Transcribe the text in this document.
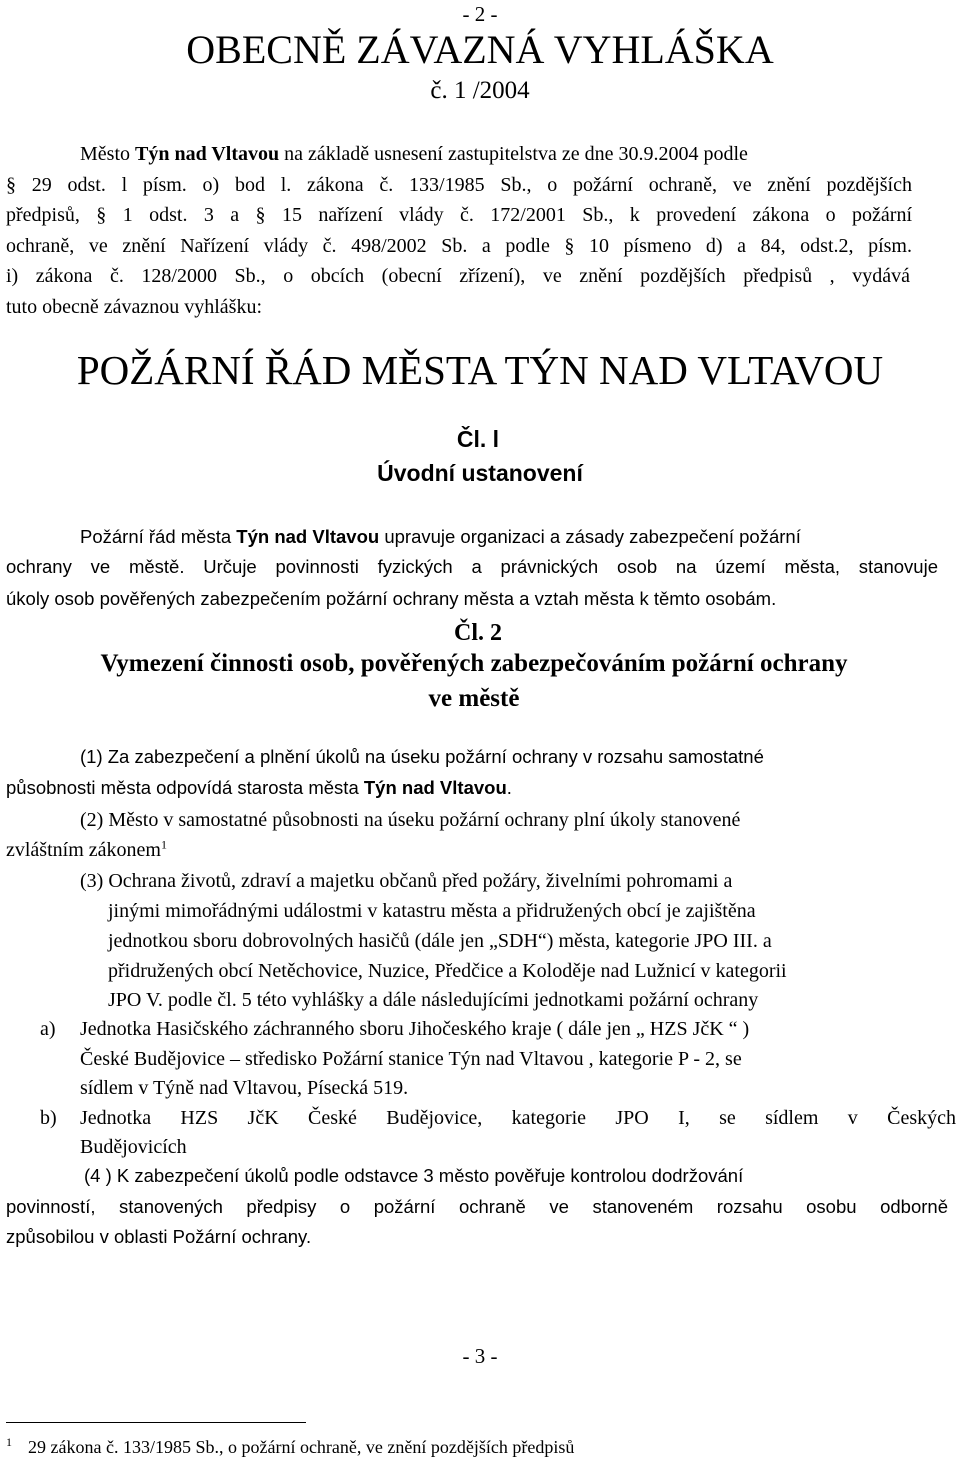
- 2 -
OBECNĚ ZÁVAZNÁ VYHLÁŠKA
č. 1 /2004
Město Týn nad Vltavou na základě usnesení zastupitelstva ze dne 30.9.2004 podle
§ 29 odst. l písm. o) bod l. zákona č. 133/1985 Sb., o požární ochraně, ve znění pozdějších
předpisů, § 1 odst. 3 a § 15 nařízení vlády č. 172/2001 Sb., k provedení zákona o požární
ochraně, ve znění Nařízení vlády č. 498/2002 Sb. a podle § 10 písmeno d) a 84, odst.2, písm.
i) zákona č. 128/2000 Sb., o obcích (obecní zřízení), ve znění pozdějších předpisů , vydává
tuto obecně závaznou vyhlášku:
POŽÁRNÍ ŘÁD MĚSTA TÝN NAD VLTAVOU
Čl. l
Úvodní ustanovení
Požární řád města Týn nad Vltavou upravuje organizaci a zásady zabezpečení požární
ochrany ve městě. Určuje povinnosti fyzických a právnických osob na území města, stanovuje
úkoly osob pověřených zabezpečením požární ochrany města a vztah města k těmto osobám.
Čl. 2
Vymezení činnosti osob, pověřených zabezpečováním požární ochrany
ve městě
(1) Za zabezpečení a plnění úkolů na úseku požární ochrany v rozsahu samostatné
působnosti města odpovídá starosta města Týn nad Vltavou.
(2) Město v samostatné působnosti na úseku požární ochrany plní úkoly stanovené
zvláštním zákonem$^1$
(3) Ochrana životů, zdraví a majetku občanů před požáry, živelními pohromami a
jinými mimořádnými událostmi v katastru města a přidružených obcí je zajištěna
jednotkou sboru dobrovolných hasičů (dále jen „SDH“) města, kategorie JPO III. a
přidružených obcí Netěchovice, Nuzice, Předčice a Koloděje nad Lužnicí v kategorii
JPO V. podle čl. 5 této vyhlášky a dále následujícími jednotkami požární ochrany
a) Jednotka Hasičského záchranného sboru Jihočeského kraje ( dále jen „ HZS JčK “ )
České Budějovice – středisko Požární stanice Týn nad Vltavou , kategorie P - 2, se
sídlem v Týně nad Vltavou, Písecká 519.
b) Jednotka HZS JčK České Budějovice, kategorie JPO I, se sídlem v Českých
Budějovicích
(4 ) K zabezpečení úkolů podle odstavce 3 město pověřuje kontrolou dodržování
povinností, stanovených předpisy o požární ochraně ve stanoveném rozsahu osobu odborně
způsobilou v oblasti Požární ochrany.
- 3 -
$^1$ 29 zákona č. 133/1985 Sb., o požární ochraně, ve znění pozdějších předpisů
